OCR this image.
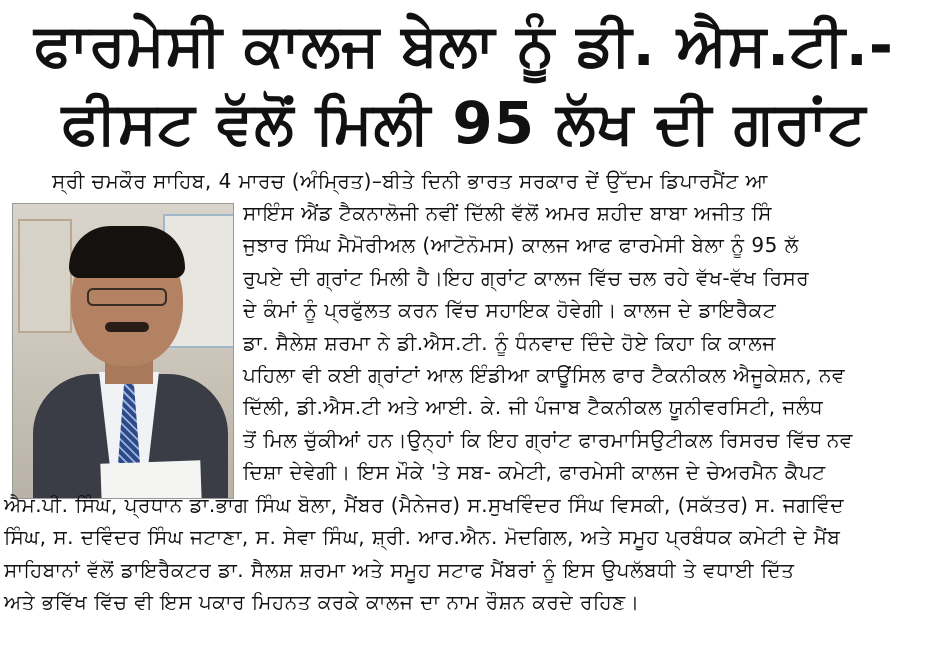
ਫਾਰਮੇਸੀ ਕਾਲਜ ਬੇਲਾ ਨੂੰ ਡੀ. ਐਸ.ਟੀ.-
ਫੀਸਟ ਵੱਲੋਂ ਮਿਲੀ 95 ਲੱਖ ਦੀ ਗਰਾਂਟ
ਸ੍ਰੀ ਚਮਕੌਰ ਸਾਹਿਬ, 4 ਮਾਰਚ (ਅੰਮ੍ਰਿਤ)–ਬੀਤੇ ਦਿਨੀ ਭਾਰਤ ਸਰਕਾਰ ਦੇਂ ਉੱਦਮ ਡਿਪਾਰਮੈਂਟ ਆ
ਸਾਇੰਸ ਐਂਡ ਟੈਕਨਾਲੋਜੀ ਨਵੀਂ ਦਿੱਲੀ ਵੱਲੋਂ ਅਮਰ ਸ਼ਹੀਦ ਬਾਬਾ ਅਜੀਤ ਸਿੰ
ਜੁਝਾਰ ਸਿੰਘ ਮੈਮੋਰੀਅਲ (ਆਟੋਨੋਮਸ) ਕਾਲਜ ਆਫ ਫਾਰਮੇਸੀ ਬੇਲਾ ਨੂੰ 95 ਲੱ
ਰੁਪਏ ਦੀ ਗ੍ਰਾਂਟ ਮਿਲੀ ਹੈ।ਇਹ ਗ੍ਰਾਂਟ ਕਾਲਜ ਵਿੱਚ ਚਲ ਰਹੇ ਵੱਖ-ਵੱਖ ਰਿਸਰ
ਦੇ ਕੰਮਾਂ ਨੂੰ ਪ੍ਰਫੁੱਲਤ ਕਰਨ ਵਿੱਚ ਸਹਾਇਕ ਹੋਵੇਗੀ। ਕਾਲਜ ਦੇ ਡਾਇਰੈਕਟ
ਡਾ. ਸੈਲੇਸ਼ ਸ਼ਰਮਾ ਨੇ ਡੀ.ਐਸ.ਟੀ. ਨੂੰ ਧੰਨਵਾਦ ਦਿੰਦੇ ਹੋਏ ਕਿਹਾ ਕਿ ਕਾਲਜ
ਪਹਿਲਾ ਵੀ ਕਈ ਗ੍ਰਾਂਟਾਂ ਆਲ ਇੰਡੀਆ ਕਾਊਂਸਿਲ ਫਾਰ ਟੈਕਨੀਕਲ ਐਜੂਕੇਸ਼ਨ, ਨਵ
ਦਿੱਲੀ, ਡੀ.ਐਸ.ਟੀ ਅਤੇ ਆਈ. ਕੇ. ਜੀ ਪੰਜਾਬ ਟੈਕਨੀਕਲ ਯੂਨੀਵਰਸਿਟੀ, ਜਲੰਧ
ਤੋਂ ਮਿਲ ਚੁੱਕੀਆਂ ਹਨ।ਉਨ੍ਹਾਂ ਕਿ ਇਹ ਗ੍ਰਾਂਟ ਫਾਰਮਾਸਿਉਟੀਕਲ ਰਿਸਰਚ ਵਿੱਚ ਨਵ
ਦਿਸ਼ਾ ਦੇਵੇਗੀ। ਇਸ ਮੌਕੇ 'ਤੇ ਸਬ- ਕਮੇਟੀ, ਫਾਰਮੇਸੀ ਕਾਲਜ ਦੇ ਚੇਅਰਮੈਨ ਕੈਪਟ
ਐਮ.ਪੀ. ਸਿੰਘ, ਪ੍ਰਧਾਨ ਡਾ.ਭਾਗ ਸਿੰਘ ਬੋਲਾ, ਮੈਂਬਰ (ਮੈਨੇਜਰ) ਸ.ਸੁਖਵਿੰਦਰ ਸਿੰਘ ਵਿਸਕੀ, (ਸਕੱਤਰ) ਸ. ਜਗਵਿੰਦ
ਸਿੰਘ, ਸ. ਦਵਿੰਦਰ ਸਿੰਘ ਜਟਾਣਾ, ਸ. ਸੇਵਾ ਸਿੰਘ, ਸ਼੍ਰੀ. ਆਰ.ਐਨ. ਮੋਦਗਿਲ, ਅਤੇ ਸਮੂਹ ਪ੍ਰਬੰਧਕ ਕਮੇਟੀ ਦੇ ਮੈਂਬ
ਸਾਹਿਬਾਨਾਂ ਵੱਲੋਂ ਡਾਇਰੈਕਟਰ ਡਾ. ਸੈਲਸ਼ ਸ਼ਰਮਾ ਅਤੇ ਸਮੂਹ ਸਟਾਫ ਮੈਂਬਰਾਂ ਨੂੰ ਇਸ ਉਪਲੱਬਧੀ ਤੇ ਵਧਾਈ ਦਿੱਤ
ਅਤੇ ਭਵਿੱਖ ਵਿੱਚ ਵੀ ਇਸ ਪਕਾਰ ਮਿਹਨਤ ਕਰਕੇ ਕਾਲਜ ਦਾ ਨਾਮ ਰੌਸ਼ਨ ਕਰਦੇ ਰਹਿਣ।
